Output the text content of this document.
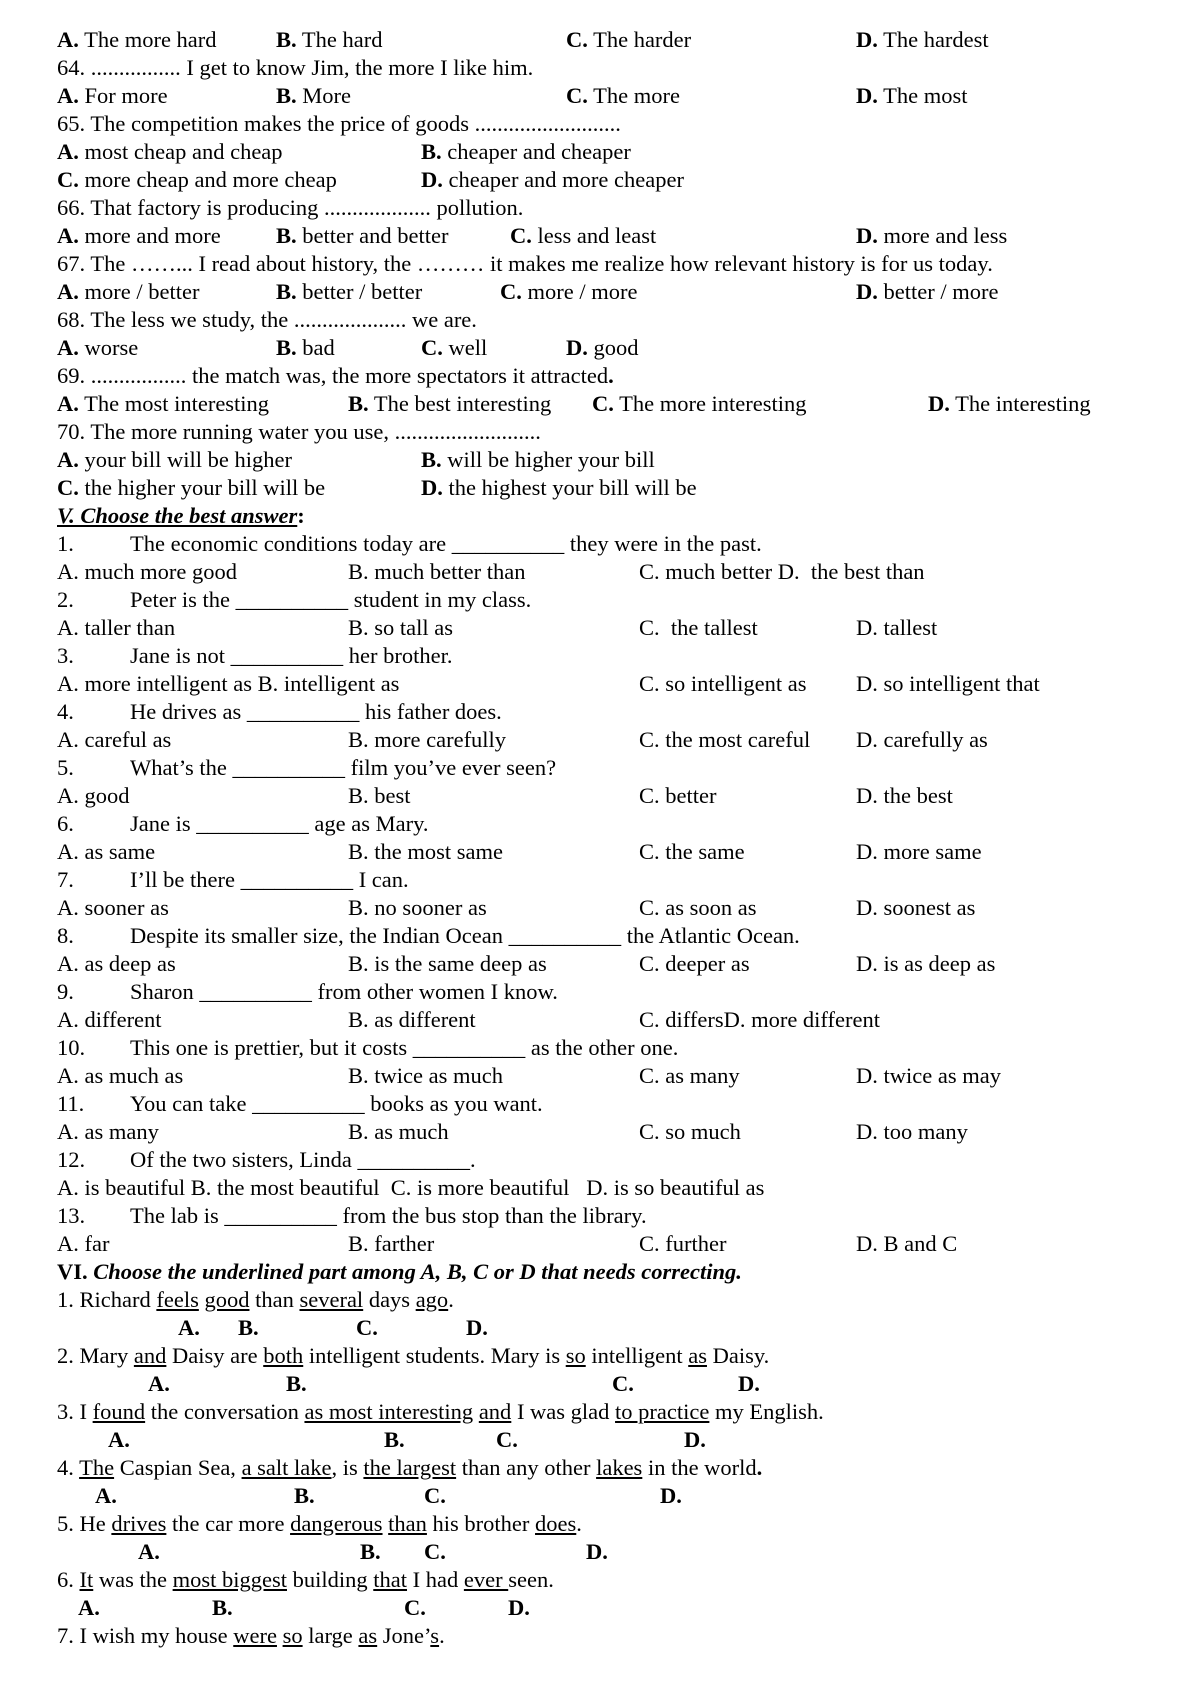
A. The more hard	B. The hard	C. The harder	D. The hardest
64. ................ I get to know Jim, the more I like him.
A. For more	B. More	C. The more	D. The most
65. The competition makes the price of goods ..........................
A. most cheap and cheap	B. cheaper and cheaper
C. more cheap and more cheap	D. cheaper and more cheaper
66. That factory is producing ................... pollution.
A. more and more B. better and better	C. less and least	D. more and less
67. The ……... I read about history, the ……… it makes me realize how relevant history is for us today.
A. more / better	B. better / better	C. more / more	D. better / more
68. The less we study, the .................... we are.
A. worse	B. bad	C. well	D. good
69. ................. the match was, the more spectators it attracted.
A. The most interesting	B. The best interesting C. The more interesting	D. The interesting
70. The more running water you use, ..........................
A. your bill will be higher	B. will be higher your bill
C. the higher your bill will be	D. the highest your bill will be
V. Choose the best answer:
1. The economic conditions today are __________ they were in the past.
A. much more good	B. much better than	C. much better D.  the best than
2. Peter is the __________ student in my class.
A. taller than	B. so tall as	C.  the tallest	D. tallest
3. Jane is not __________ her brother.
A. more intelligent as B. intelligent as	C. so intelligent as D. so intelligent that
4. He drives as __________ his father does.
A. careful as	B. more carefully	C. the most careful D. carefully as
5. What’s the __________ film you’ve ever seen?
A. good	B. best	C. better	D. the best
6. Jane is __________ age as Mary.
A. as same	B. the most same	C. the same	D. more same
7. I’ll be there __________ I can.
A. sooner as	B. no sooner as	C. as soon as	D. soonest as
8. Despite its smaller size, the Indian Ocean __________ the Atlantic Ocean.
A. as deep as	B. is the same deep as	C. deeper as	D. is as deep as
9. Sharon __________ from other women I know.
A. different	B. as different	C. differsD. more different
10. This one is prettier, but it costs __________ as the other one.
A. as much as	B. twice as much	C. as many	D. twice as may
11. You can take __________ books as you want.
A. as many	B. as much	C. so much	D. too many
12. Of the two sisters, Linda __________.
A. is beautiful B. the most beautiful  C. is more beautiful   D. is so beautiful as
13. The lab is __________ from the bus stop than the library.
A. far	B. farther	C. further	D. B and C
VI. Choose the underlined part among A, B, C or D that needs correcting.
1. Richard feels good than several days ago.
A. B.	C.	D.
2. Mary and Daisy are both intelligent students. Mary is so intelligent as Daisy.
A.	B.	C.	D.
3. I found the conversation as most interesting and I was glad to practice my English.
A.	B.	C.	D.
4. The Caspian Sea, a salt lake, is the largest than any other lakes in the world.
A.	B.	C.	D.
5. He drives the car more dangerous than his brother does.
A.	B. C.	D.
6. It was the most biggest building that I had ever seen.
A.	B.	C.	D.
7. I wish my house were so large as Jone’s.
